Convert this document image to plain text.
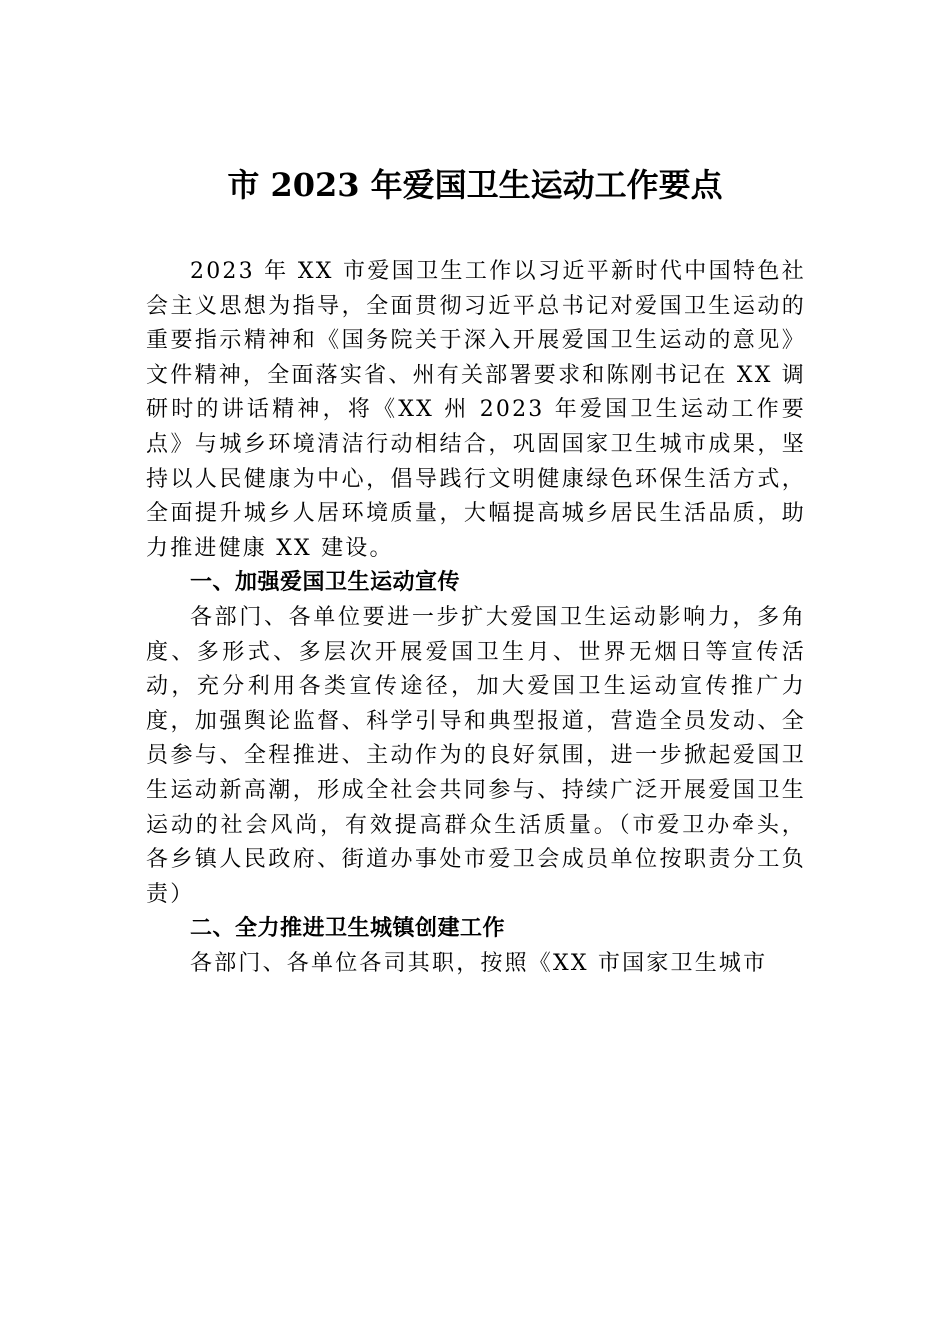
市 2023 年爱国卫生运动工作要点

2023 年 XX 市爱国卫生工作以习近平新时代中国特色社会主义思想为指导，全面贯彻习近平总书记对爱国卫生运动的重要指示精神和《国务院关于深入开展爱国卫生运动的意见》文件精神，全面落实省、州有关部署要求和陈刚书记在 XX 调研时的讲话精神，将《XX 州 2023 年爱国卫生运动工作要点》与城乡环境清洁行动相结合，巩固国家卫生城市成果，坚持以人民健康为中心，倡导践行文明健康绿色环保生活方式，全面提升城乡人居环境质量，大幅提高城乡居民生活品质，助力推进健康 XX 建设。

一、加强爱国卫生运动宣传

各部门、各单位要进一步扩大爱国卫生运动影响力，多角度、多形式、多层次开展爱国卫生月、世界无烟日等宣传活动，充分利用各类宣传途径，加大爱国卫生运动宣传推广力度，加强舆论监督、科学引导和典型报道，营造全员发动、全员参与、全程推进、主动作为的良好氛围，进一步掀起爱国卫生运动新高潮，形成全社会共同参与、持续广泛开展爱国卫生运动的社会风尚，有效提高群众生活质量。（市爱卫办牵头，各乡镇人民政府、街道办事处市爱卫会成员单位按职责分工负责）

二、全力推进卫生城镇创建工作

各部门、各单位各司其职，按照《XX 市国家卫生城市
